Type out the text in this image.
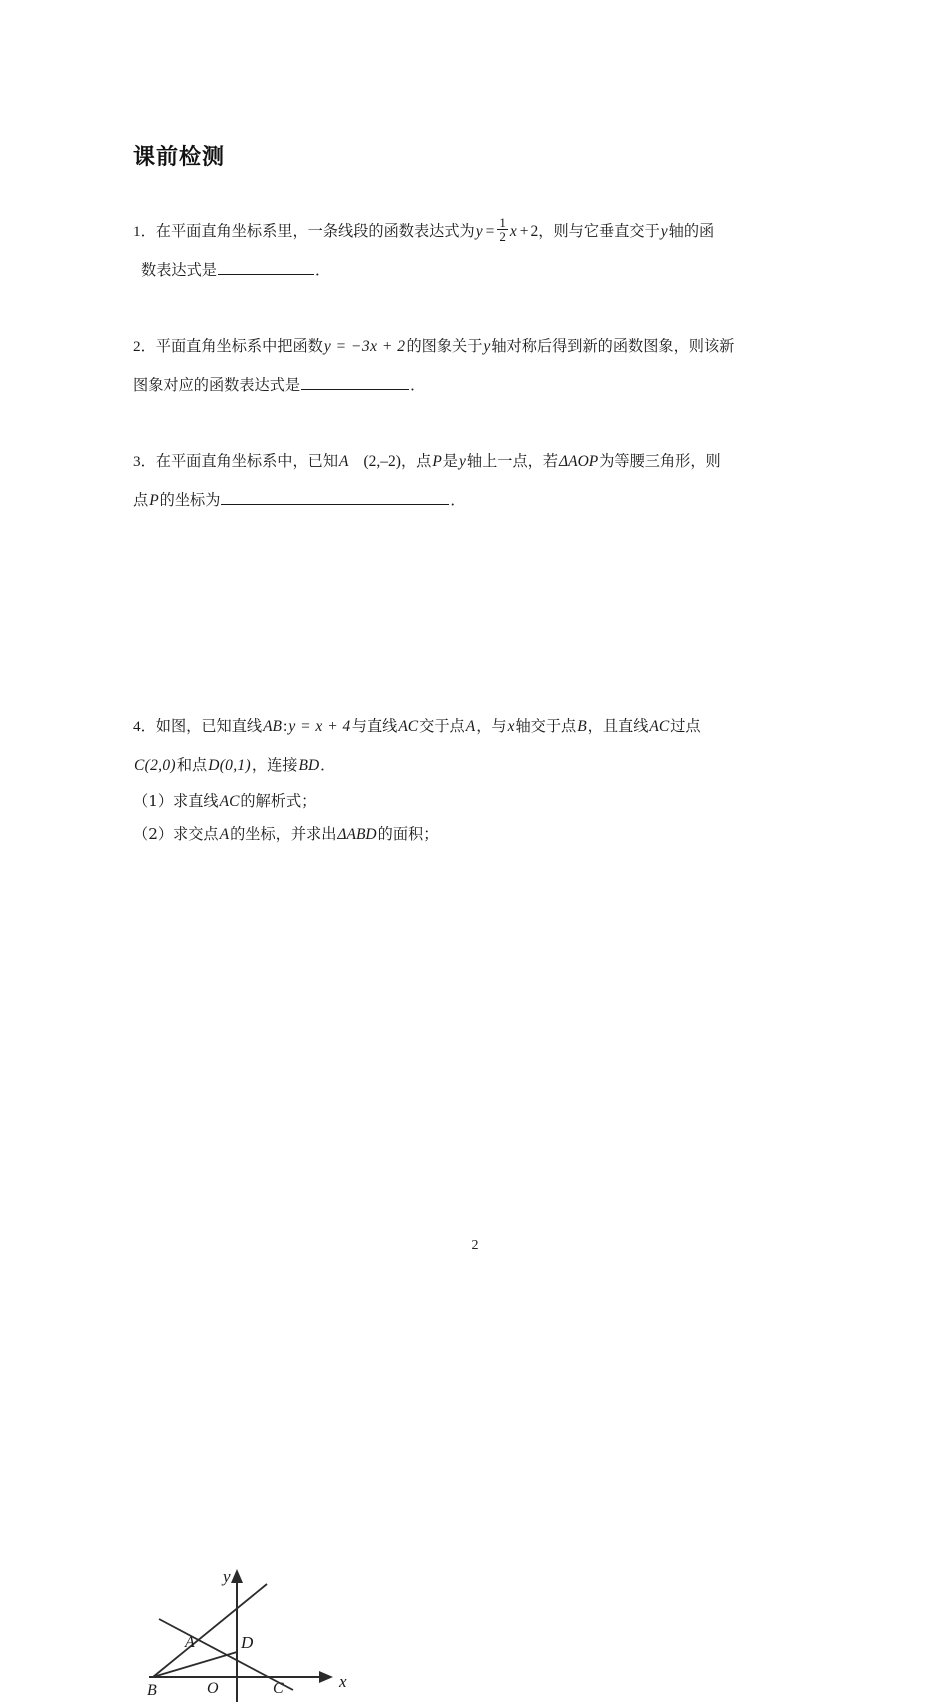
课前检测
1．在平面直角坐标系里，一条线段的函数表达式为$y = \frac{1}{2}$ x + 2，则与它垂直交于y轴的函
数表达式是	．
2．平面直角坐标系中把函数y = −3x + 2的图象关于y轴对称后得到新的函数图象，则该新
图象对应的函数表达式是	．
3．在平面直角坐标系中，已知A (2,–2)，点P是y轴上一点，若ΔAOP为等腰三角形，则
点P的坐标为	．
4．如图，已知直线AB:y = x + 4与直线AC交于点A，与x轴交于点B，且直线AC过点
C(2,0)和点D(0,1)，连接BD．
（1）求直线AC的解析式；
（2）求交点A的坐标，并求出ΔABD的面积；
y
x
O
A
B	C
D
2
